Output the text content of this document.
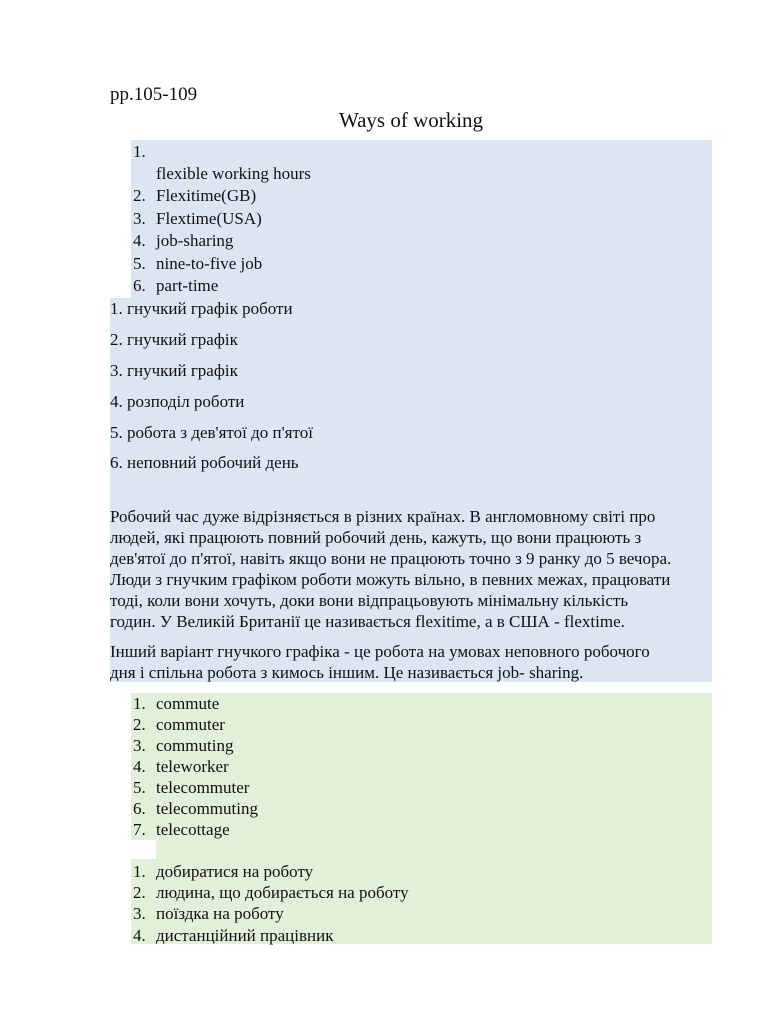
pp.105-109
Ways of working
1.
flexible working hours
2. Flexitime(GB)
3. Flextime(USA)
4. job-sharing
5. nine-to-five job
6. part-time
1. гнучкий графік роботи
2. гнучкий графік
3. гнучкий графік
4. розподіл роботи
5. робота з дев'ятої до п'ятої
6. неповний робочий день
Робочий час дуже відрізняється в різних країнах. В англомовному світі про
людей, які працюють повний робочий день, кажуть, що вони працюють з
дев'ятої до п'ятої, навіть якщо вони не працюють точно з 9 ранку до 5 вечора.
Люди з гнучким графіком роботи можуть вільно, в певних межах, працювати
тоді, коли вони хочуть, доки вони відпрацьовують мінімальну кількість
годин. У Великій Британії це називається flexitime, а в США - flextime.
Інший варіант гнучкого графіка - це робота на умовах неповного робочого
дня і спільна робота з кимось іншим. Це називається job- sharing.
1. commute
2. commuter
3. commuting
4. teleworker
5. telecommuter
6. telecommuting
7. telecottage
1. добиратися на роботу
2. людина, що добирається на роботу
3. поїздка на роботу
4. дистанційний працівник
